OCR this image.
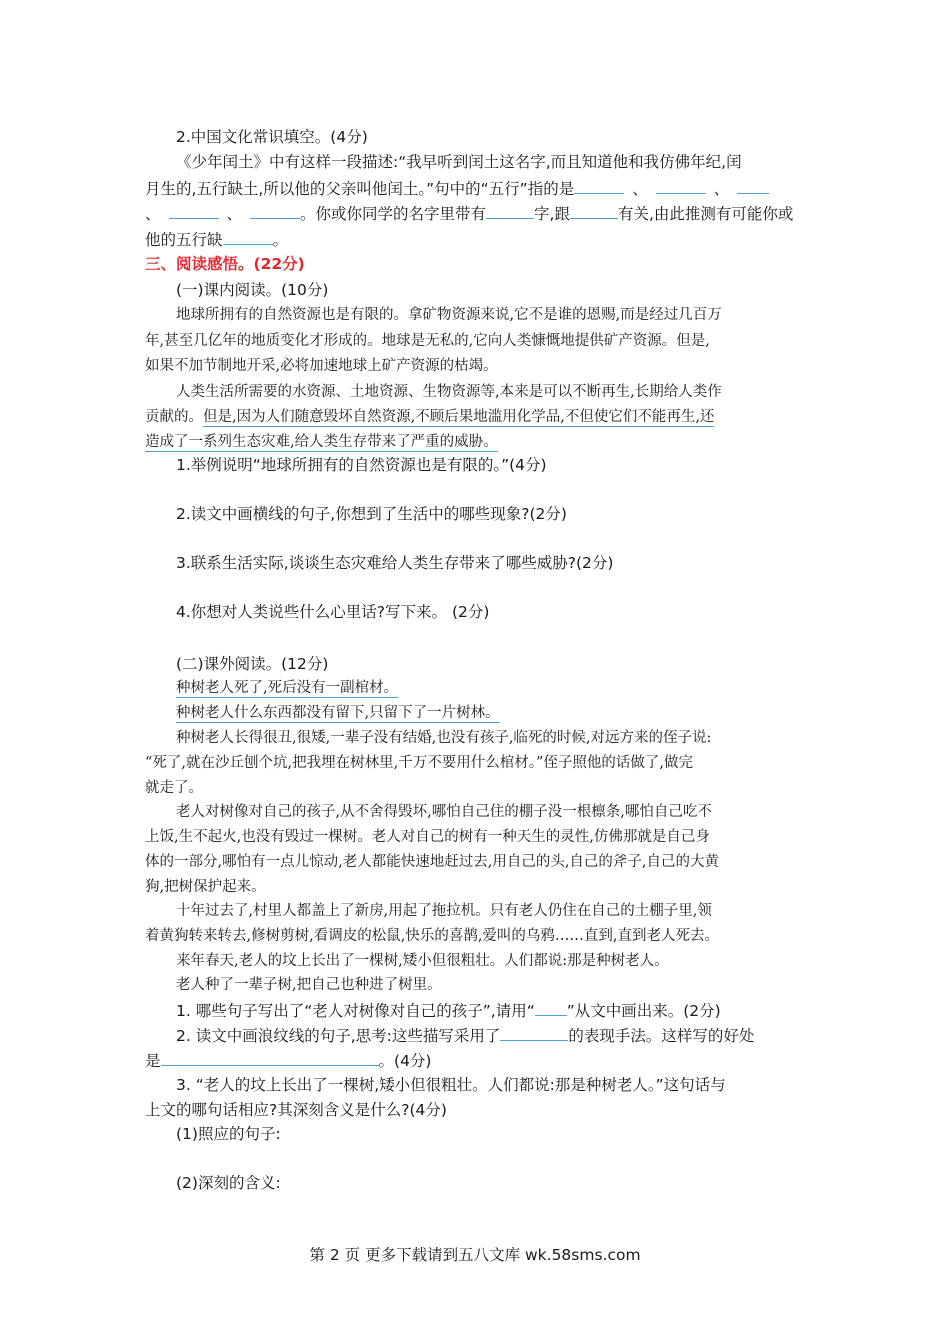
2.中国文化常识填空。(4分)
《少年闰土》中有这样一段描述:“我早听到闰土这名字,而且知道他和我仿佛年纪,闰
月生的,五行缺土,所以他的父亲叫他闰土。”句中的“五行”指的是	、	、
、	、	。你或你同学的名字里带有	字,跟	有关,由此推测有可能你或
他的五行缺	。
三、阅读感悟。(22分)
(一)课内阅读。(10分)
地球所拥有的自然资源也是有限的。拿矿物资源来说,它不是谁的恩赐,而是经过几百万
年,甚至几亿年的地质变化才形成的。地球是无私的,它向人类慷慨地提供矿产资源。但是,
如果不加节制地开采,必将加速地球上矿产资源的枯竭。
人类生活所需要的水资源、土地资源、生物资源等,本来是可以不断再生,长期给人类作
贡献的。但是,因为人们随意毁坏自然资源,不顾后果地滥用化学品,不但使它们不能再生,还
造成了一系列生态灾难,给人类生存带来了严重的威胁。
1.举例说明“地球所拥有的自然资源也是有限的。”(4分)
2.读文中画横线的句子,你想到了生活中的哪些现象?(2分)
3.联系生活实际,谈谈生态灾难给人类生存带来了哪些威胁?(2分)
4.你想对人类说些什么心里话?写下来。 (2分)
(二)课外阅读。(12分)
种树老人死了,死后没有一副棺材。
种树老人什么东西都没有留下,只留下了一片树林。
种树老人长得很丑,很矮,一辈子没有结婚,也没有孩子,临死的时候,对远方来的侄子说:
“死了,就在沙丘刨个坑,把我埋在树林里,千万不要用什么棺材。”侄子照他的话做了,做完
就走了。
老人对树像对自己的孩子,从不舍得毁坏,哪怕自己住的棚子没一根檩条,哪怕自己吃不
上饭,生不起火,也没有毁过一棵树。老人对自己的树有一种天生的灵性,仿佛那就是自己身
体的一部分,哪怕有一点儿惊动,老人都能快速地赶过去,用自己的头,自己的斧子,自己的大黄
狗,把树保护起来。
十年过去了,村里人都盖上了新房,用起了拖拉机。只有老人仍住在自己的土棚子里,领
着黄狗转来转去,修树剪树,看调皮的松鼠,快乐的喜鹊,爱叫的乌鸦……直到,直到老人死去。
来年春天,老人的坟上长出了一棵树,矮小但很粗壮。人们都说:那是种树老人。
老人种了一辈子树,把自己也种进了树里。
1. 哪些句子写出了“老人对树像对自己的孩子”,请用“ ”从文中画出来。(2分)
2. 读文中画浪纹线的句子,思考:这些描写采用了	的表现手法。这样写的好处
是	。(4分)
3. “老人的坟上长出了一棵树,矮小但很粗壮。人们都说:那是种树老人。”这句话与
上文的哪句话相应?其深刻含义是什么?(4分)
(1)照应的句子:
(2)深刻的含义:
第 2 页 更多下载请到五八文库 wk.58sms.com
